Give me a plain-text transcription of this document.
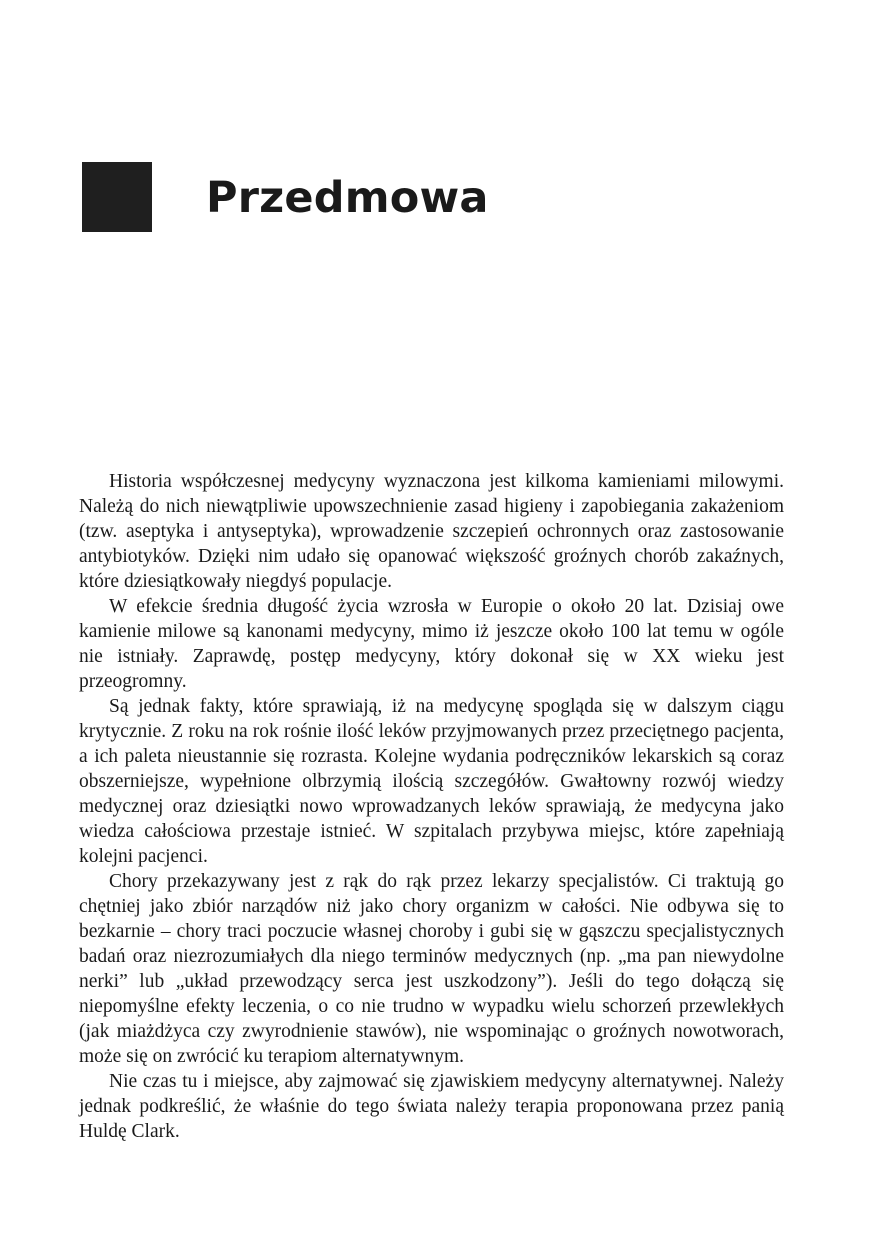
Przedmowa

Historia współczesnej medycyny wyznaczona jest kilkoma kamieniami milowymi. Należą do nich niewątpliwie upowszechnienie zasad higieny i zapobiegania zakażeniom (tzw. aseptyka i antyseptyka), wprowadzenie szczepień ochronnych oraz zastosowanie antybiotyków. Dzięki nim udało się opanować większość groźnych chorób zakaźnych, które dziesiątkowały niegdyś populacje.

W efekcie średnia długość życia wzrosła w Europie o około 20 lat. Dzisiaj owe kamienie milowe są kanonami medycyny, mimo iż jeszcze około 100 lat temu w ogóle nie istniały. Zaprawdę, postęp medycyny, który dokonał się w XX wieku jest przeogromny.

Są jednak fakty, które sprawiają, iż na medycynę spogląda się w dalszym ciągu krytycznie. Z roku na rok rośnie ilość leków przyjmowanych przez przeciętnego pacjenta, a ich paleta nieustannie się rozrasta. Kolejne wydania podręczników lekarskich są coraz obszerniejsze, wypełnione olbrzymią ilością szczegółów. Gwałtowny rozwój wiedzy medycznej oraz dziesiątki nowo wprowadzanych leków sprawiają, że medycyna jako wiedza całościowa przestaje istnieć. W szpitalach przybywa miejsc, które zapełniają kolejni pacjenci.

Chory przekazywany jest z rąk do rąk przez lekarzy specjalistów. Ci traktują go chętniej jako zbiór narządów niż jako chory organizm w całości. Nie odbywa się to bezkarnie – chory traci poczucie własnej choroby i gubi się w gąszczu specjalistycznych badań oraz niezrozumiałych dla niego terminów medycznych (np. „ma pan niewydolne nerki” lub „układ przewodzący serca jest uszkodzony”). Jeśli do tego dołączą się niepomyślne efekty leczenia, o co nie trudno w wypadku wielu schorzeń przewlekłych (jak miażdżyca czy zwyrodnienie stawów), nie wspominając o groźnych nowotworach, może się on zwrócić ku terapiom alternatywnym.

Nie czas tu i miejsce, aby zajmować się zjawiskiem medycyny alternatywnej. Należy jednak podkreślić, że właśnie do tego świata należy terapia proponowana przez panią Huldę Clark.
